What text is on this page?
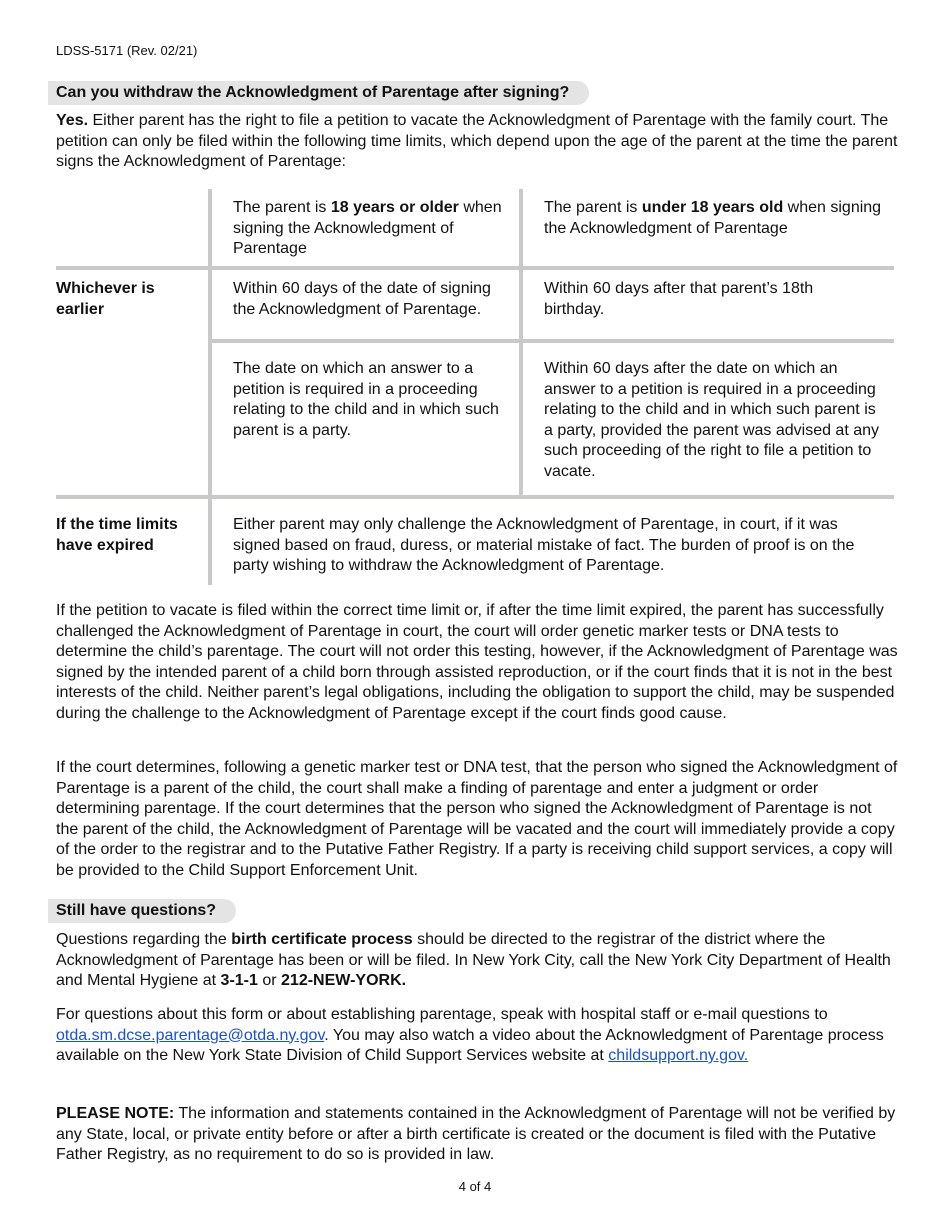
LDSS-5171 (Rev. 02/21)
Can you withdraw the Acknowledgment of Parentage after signing?
Yes. Either parent has the right to file a petition to vacate the Acknowledgment of Parentage with the family court. The petition can only be filed within the following time limits, which depend upon the age of the parent at the time the parent signs the Acknowledgment of Parentage:
The parent is 18 years or older when signing the Acknowledgment of Parentage
The parent is under 18 years old when signing the Acknowledgment of Parentage
Whichever is earlier
Within 60 days of the date of signing the Acknowledgment of Parentage.
Within 60 days after that parent’s 18th birthday.
The date on which an answer to a petition is required in a proceeding relating to the child and in which such parent is a party.
Within 60 days after the date on which an answer to a petition is required in a proceeding relating to the child and in which such parent is a party, provided the parent was advised at any such proceeding of the right to file a petition to vacate.
If the time limits have expired
Either parent may only challenge the Acknowledgment of Parentage, in court, if it was signed based on fraud, duress, or material mistake of fact. The burden of proof is on the party wishing to withdraw the Acknowledgment of Parentage.
If the petition to vacate is filed within the correct time limit or, if after the time limit expired, the parent has successfully challenged the Acknowledgment of Parentage in court, the court will order genetic marker tests or DNA tests to determine the child’s parentage. The court will not order this testing, however, if the Acknowledgment of Parentage was signed by the intended parent of a child born through assisted reproduction, or if the court finds that it is not in the best interests of the child. Neither parent’s legal obligations, including the obligation to support the child, may be suspended during the challenge to the Acknowledgment of Parentage except if the court finds good cause.
If the court determines, following a genetic marker test or DNA test, that the person who signed the Acknowledgment of Parentage is a parent of the child, the court shall make a finding of parentage and enter a judgment or order determining parentage. If the court determines that the person who signed the Acknowledgment of Parentage is not the parent of the child, the Acknowledgment of Parentage will be vacated and the court will immediately provide a copy of the order to the registrar and to the Putative Father Registry. If a party is receiving child support services, a copy will be provided to the Child Support Enforcement Unit.
Still have questions?
Questions regarding the birth certificate process should be directed to the registrar of the district where the Acknowledgment of Parentage has been or will be filed. In New York City, call the New York City Department of Health and Mental Hygiene at 3-1-1 or 212-NEW-YORK.
For questions about this form or about establishing parentage, speak with hospital staff or e-mail questions to otda.sm.dcse.parentage@otda.ny.gov. You may also watch a video about the Acknowledgment of Parentage process available on the New York State Division of Child Support Services website at childsupport.ny.gov.
PLEASE NOTE: The information and statements contained in the Acknowledgment of Parentage will not be verified by any State, local, or private entity before or after a birth certificate is created or the document is filed with the Putative Father Registry, as no requirement to do so is provided in law.
4 of 4
